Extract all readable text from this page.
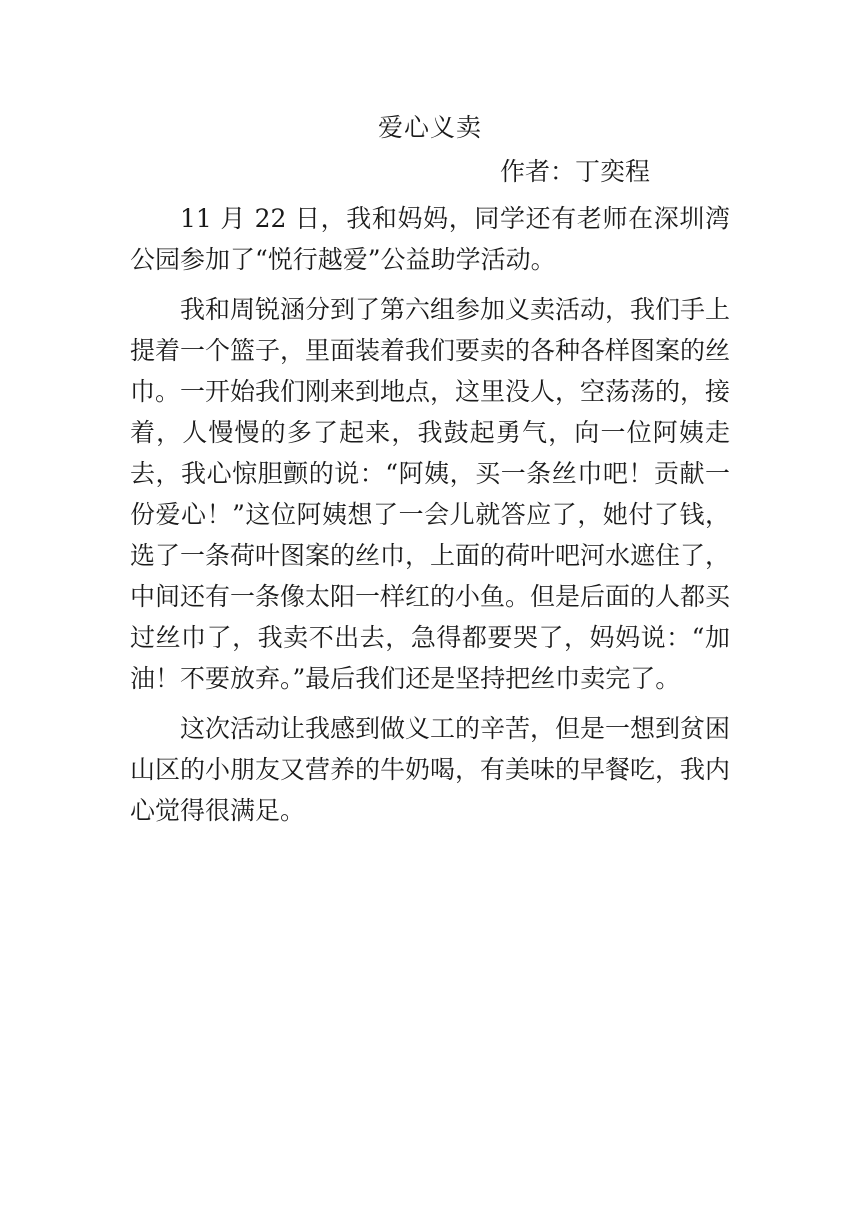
爱心义卖
作者：丁奕程

11 月 22 日，我和妈妈，同学还有老师在深圳湾公园参加了“悦行越爱”公益助学活动。

我和周锐涵分到了第六组参加义卖活动，我们手上提着一个篮子，里面装着我们要卖的各种各样图案的丝巾。一开始我们刚来到地点，这里没人，空荡荡的，接着，人慢慢的多了起来，我鼓起勇气，向一位阿姨走去，我心惊胆颤的说：“阿姨，买一条丝巾吧！贡献一份爱心！”这位阿姨想了一会儿就答应了，她付了钱，选了一条荷叶图案的丝巾，上面的荷叶吧河水遮住了，中间还有一条像太阳一样红的小鱼。但是后面的人都买过丝巾了，我卖不出去，急得都要哭了，妈妈说：“加油！不要放弃。”最后我们还是坚持把丝巾卖完了。

这次活动让我感到做义工的辛苦，但是一想到贫困山区的小朋友又营养的牛奶喝，有美味的早餐吃，我内心觉得很满足。
